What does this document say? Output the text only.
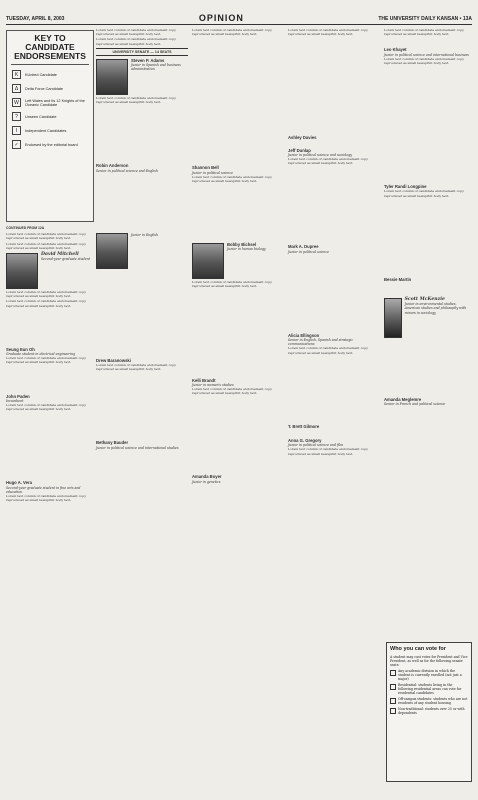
TUESDAY, APRIL 8, 2003	OPINION	THE UNIVERSITY DAILY KANSAN • 13A
KEY TO CANDIDATE ENDORSEMENTS
K	KUnited Candidate
Δ	Delta Force Candidate
W	Left Wales and Its 12 Knights of the Oceanic Candidate
?	Unseen Candidate
I	Independent Candidates
✓	Endorsed by the editorial board
CONTINUED FROM 12A

Lorem text column of candidate endorsement copy reproduced as small newsprint body text.

Lorem text column of candidate endorsement copy reproduced as small newsprint body text.

David Mitchell
Second-year graduate student

Lorem text column of candidate endorsement copy reproduced as small newsprint body text.

Lorem text column of candidate endorsement copy reproduced as small newsprint body text.

Seung Eun Oh
Graduate student in electrical engineering

Lorem text column of candidate endorsement copy reproduced as small newsprint body text.

John Paden
Incumbent

Lorem text column of candidate endorsement copy reproduced as small newsprint body text.

Hugo A. Vera
Second-year graduate student in fine arts and education

Lorem text column of candidate endorsement copy reproduced as small newsprint body text.

Lorem text column of candidate endorsement copy reproduced as small newsprint body text.

Lorem text column of candidate endorsement copy reproduced as small newsprint body text.

UNIVERSITY SENATE — 14 SEATS
Steven P. Adams
Junior in Spanish and business administration

Lorem text column of candidate endorsement copy reproduced as small newsprint body text.

Robin Anderson
Senior in political science and English
Junior in English
Drew Baranowski

Lorem text column of candidate endorsement copy reproduced as small newsprint body text.

Bethany Bauder
Junior in political science and international studies

Lorem text column of candidate endorsement copy reproduced as small newsprint body text.

Shannon Bell
Junior in political science

Lorem text column of candidate endorsement copy reproduced as small newsprint body text.

Bobby Bichsel
Junior in human biology

Lorem text column of candidate endorsement copy reproduced as small newsprint body text.

Kelli Brandt
Junior in women's studies

Lorem text column of candidate endorsement copy reproduced as small newsprint body text.

Amanda Boyer
Junior in genetics

Lorem text column of candidate endorsement copy reproduced as small newsprint body text.

Ashley Davies
Jeff Dunlap
Junior in political science and sociology

Lorem text column of candidate endorsement copy reproduced as small newsprint body text.

Mark A. Dupree
Junior in political science
Alicia Ellingson
Senior in English, Spanish and strategic communications

Lorem text column of candidate endorsement copy reproduced as small newsprint body text.

T. Brett Gilmore
Anna G. Gregory
Junior in political science and film

Lorem text column of candidate endorsement copy reproduced as small newsprint body text.

Lorem text column of candidate endorsement copy reproduced as small newsprint body text.

Leo Khayet
Junior in political science and international business

Lorem text column of candidate endorsement copy reproduced as small newsprint body text.

Tyler Randi Longpine

Lorem text column of candidate endorsement copy reproduced as small newsprint body text.

Bessie Martin
Scott McKenzie
Junior in environmental studies, American studies and philosophy with minors in sociology
Amanda Meglemre
Senior in French and political science
Who you can vote for
A student may cast votes for President and Vice President, as well as for the following senate seats:
Any academic division in which the student is currently enrolled (not just a major)
Residential: students living in the following residential areas can vote for residential candidates
Off-campus students: students who are not residents of any student housing
Non-traditional: students over 25 or with dependents
